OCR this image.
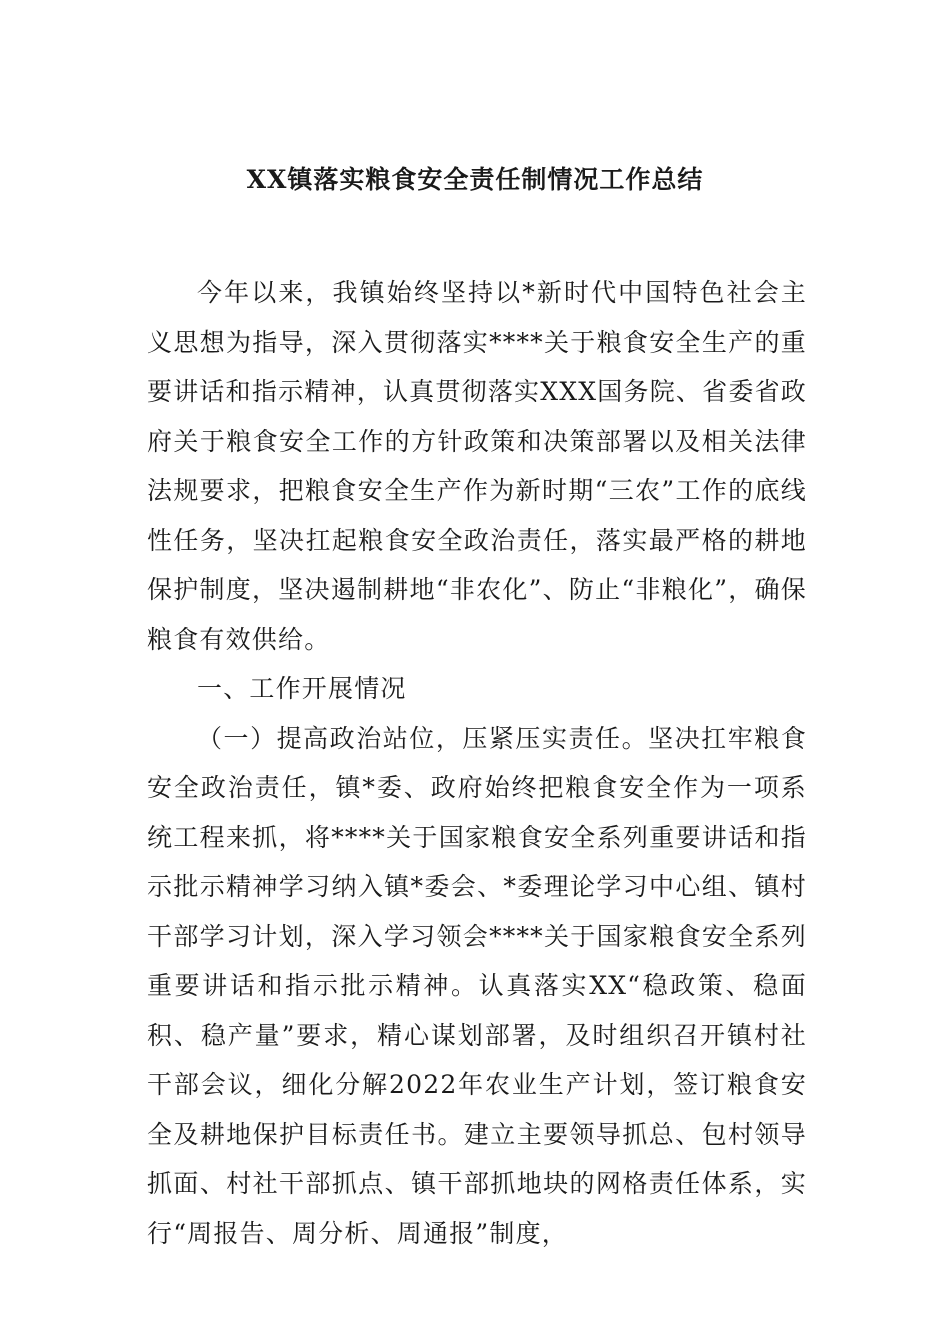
XX镇落实粮食安全责任制情况工作总结

今年以来，我镇始终坚持以*新时代中国特色社会主义思想为指导，深入贯彻落实****关于粮食安全生产的重要讲话和指示精神，认真贯彻落实XXX国务院、省委省政府关于粮食安全工作的方针政策和决策部署以及相关法律法规要求，把粮食安全生产作为新时期“三农”工作的底线性任务，坚决扛起粮食安全政治责任，落实最严格的耕地保护制度，坚决遏制耕地“非农化”、防止“非粮化”，确保粮食有效供给。

一、工作开展情况

（一）提高政治站位，压紧压实责任。坚决扛牢粮食安全政治责任，镇*委、政府始终把粮食安全作为一项系统工程来抓，将****关于国家粮食安全系列重要讲话和指示批示精神学习纳入镇*委会、*委理论学习中心组、镇村干部学习计划，深入学习领会****关于国家粮食安全系列重要讲话和指示批示精神。认真落实XX“稳政策、稳面积、稳产量”要求，精心谋划部署，及时组织召开镇村社干部会议，细化分解2022年农业生产计划，签订粮食安全及耕地保护目标责任书。建立主要领导抓总、包村领导抓面、村社干部抓点、镇干部抓地块的网格责任体系，实行“周报告、周分析、周通报”制度，
